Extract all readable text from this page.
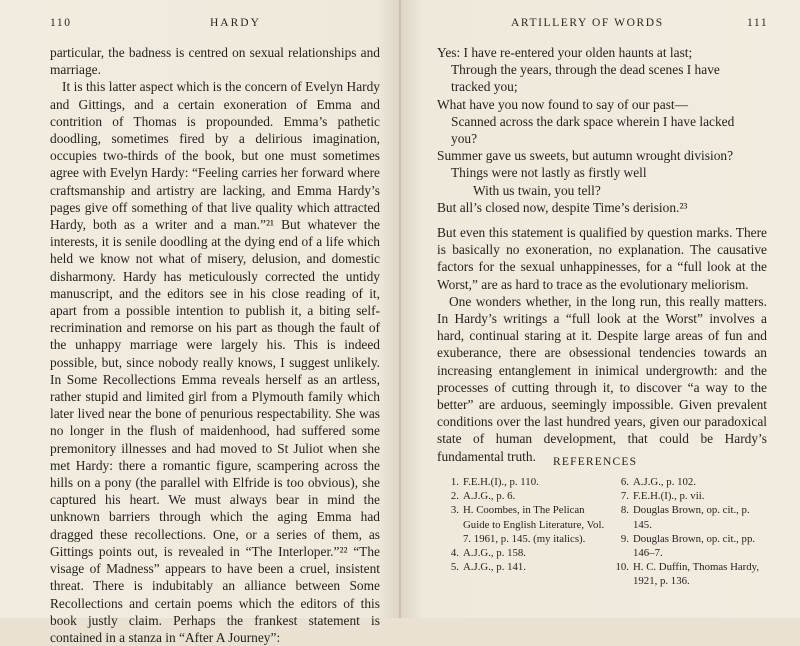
110	HARDY

particular, the badness is centred on sexual relationships and marriage.

It is this latter aspect which is the concern of Evelyn Hardy and Gittings, and a certain exoneration of Emma and contrition of Thomas is propounded. Emma’s pathetic doodling, sometimes fired by a delirious imagination, occupies two-thirds of the book, but one must sometimes agree with Evelyn Hardy: “Feeling carries her forward where craftsmanship and artistry are lacking, and Emma Hardy’s pages give off something of that live quality which attracted Hardy, both as a writer and a man.”²¹ But whatever the interests, it is senile doodling at the dying end of a life which held we know not what of misery, delusion, and domestic disharmony. Hardy has meticulously corrected the untidy manuscript, and the editors see in his close reading of it, apart from a possible intention to publish it, a biting self-recrimination and remorse on his part as though the fault of the unhappy marriage were largely his. This is indeed possible, but, since nobody really knows, I suggest unlikely. In Some Recollections Emma reveals herself as an artless, rather stupid and limited girl from a Plymouth family which later lived near the bone of penurious respectability. She was no longer in the flush of maidenhood, had suffered some premonitory illnesses and had moved to St Juliot when she met Hardy: there a romantic figure, scampering across the hills on a pony (the parallel with Elfride is too obvious), she captured his heart. We must always bear in mind the unknown barriers through which the aging Emma had dragged these recollections. One, or a series of them, as Gittings points out, is revealed in “The Interloper.”²² “The visage of Madness” appears to have been a cruel, insistent threat. There is indubitably an alliance between Some Recollections and certain poems which the editors of this book justly claim. Perhaps the frankest statement is contained in a stanza in “After A Journey”:

ARTILLERY OF WORDS	111

Yes: I have re-entered your olden haunts at last;

Through the years, through the dead scenes I have

tracked you;

What have you now found to say of our past—

Scanned across the dark space wherein I have lacked

you?

Summer gave us sweets, but autumn wrought division?

Things were not lastly as firstly well

With us twain, you tell?

But all’s closed now, despite Time’s derision.²³

But even this statement is qualified by question marks. There is basically no exoneration, no explanation. The causative factors for the sexual unhappinesses, for a “full look at the Worst,” are as hard to trace as the evolutionary meliorism.

One wonders whether, in the long run, this really matters. In Hardy’s writings a “full look at the Worst” involves a hard, continual staring at it. Despite large areas of fun and exuberance, there are obsessional tendencies towards an increasing entanglement in inimical undergrowth: and the processes of cutting through it, to discover “a way to the better” are arduous, seemingly impossible. Given prevalent conditions over the last hundred years, given our paradoxical state of human development, that could be Hardy’s fundamental truth.	REFERENCES

1. F.E.H.(I)., p. 110.

2. A.J.G., p. 6.

3. H. Coombes, in The Pelican Guide to English Literature, Vol. 7. 1961, p. 145. (my italics).

4. A.J.G., p. 158.

5. A.J.G., p. 141.

6. A.J.G., p. 102.

7. F.E.H.(I)., p. vii.

8. Douglas Brown, op. cit., p. 145.

9. Douglas Brown, op. cit., pp. 146–7.

10. H. C. Duffin, Thomas Hardy, 1921, p. 136.
